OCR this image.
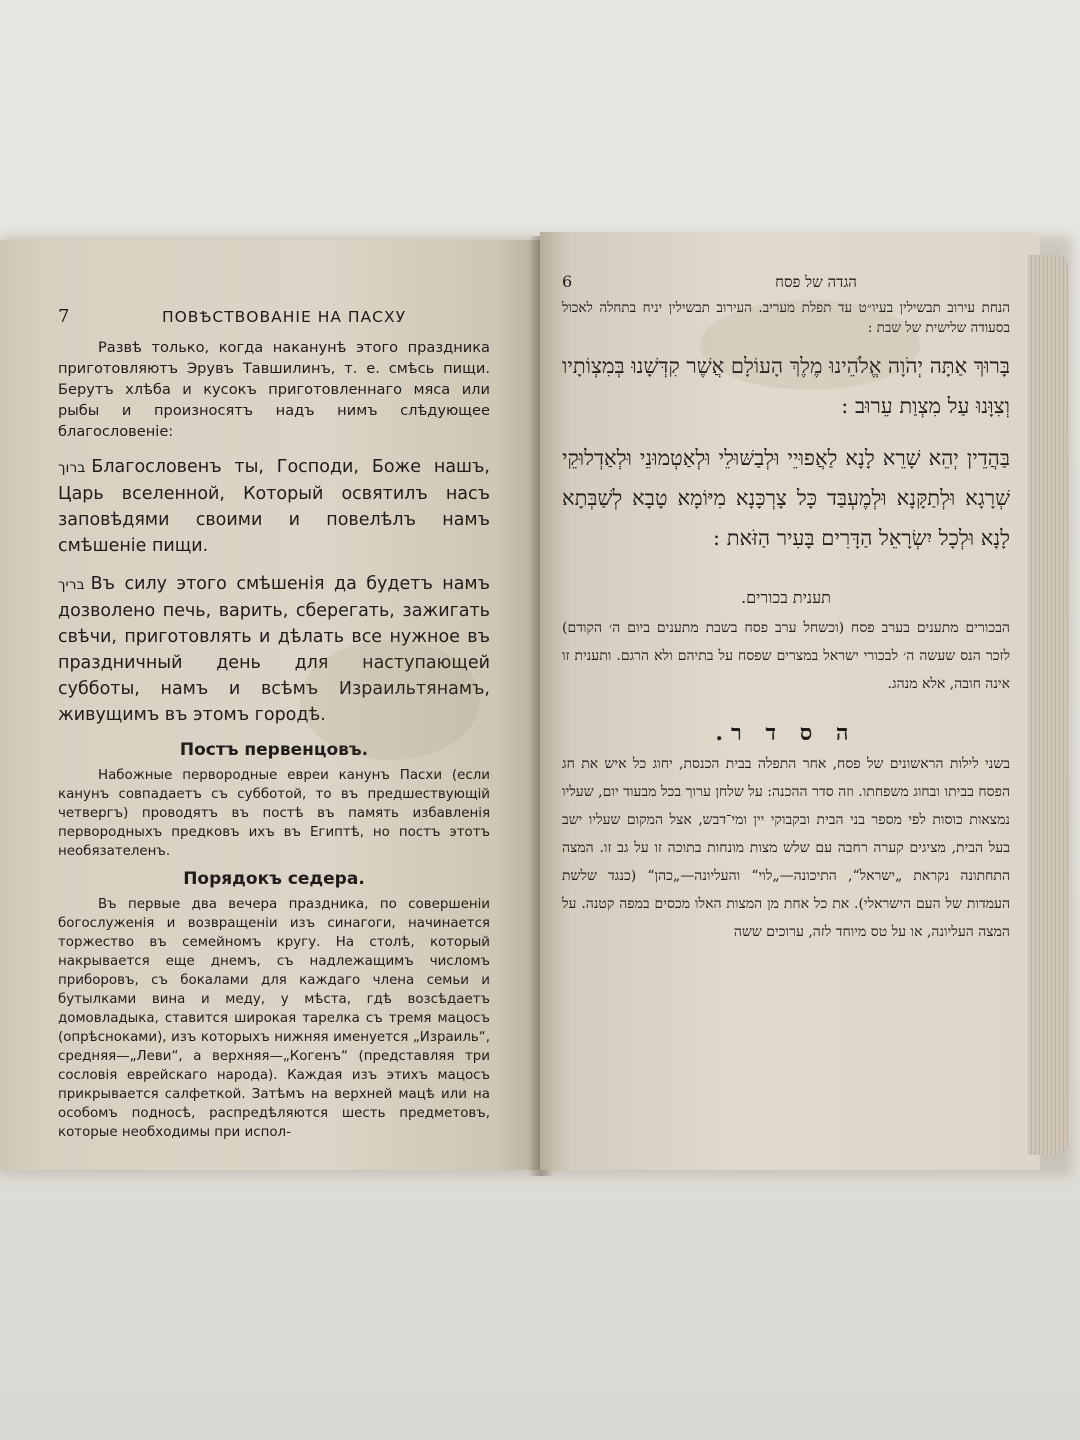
7	ПОВѢСТВОВАНІЕ НА ПАСХУ

Развѣ только, когда наканунѣ этого праздника приготовляютъ Эрувъ Тавшилинъ, т. е. смѣсь пищи. Берутъ хлѣба и кусокъ приготовленнаго мяса или рыбы и произносятъ надъ нимъ слѣдующее благословеніе:

ברוך Благословенъ ты, Господи, Боже нашъ, Царь вселенной, Который освятилъ насъ заповѣдями своими и повелѣлъ намъ смѣшеніе пищи.

בריך Въ силу этого смѣшенія да будетъ намъ дозволено печь, варить, сберегать, зажигать свѣчи, приготовлять и дѣлать все нужное въ праздничный день для наступающей субботы, намъ и всѣмъ Израильтянамъ, живущимъ въ этомъ городѣ.

Постъ первенцовъ.

Набожные первородные евреи канунъ Пасхи (если канунъ совпадаетъ съ субботой, то въ предшествующій четвергъ) проводятъ въ постѣ въ память избавленія первородныхъ предковъ ихъ въ Египтѣ, но постъ этотъ необязателенъ.

Порядокъ седера.

Въ первые два вечера праздника, по совершеніи богослуженія и возвращеніи изъ синагоги, начинается торжество въ семейномъ кругу. На столѣ, который накрывается еще днемъ, съ надлежащимъ числомъ приборовъ, съ бокалами для каждаго члена семьи и бутылками вина и меду, у мѣста, гдѣ возсѣдаетъ домовладыка, ставится широкая тарелка съ тремя мацосъ (опрѣсноками), изъ которыхъ нижняя именуется „Израиль“, средняя—„Леви“, а верхняя—„Когенъ“ (представляя три сословія еврейскаго народа). Каждая изъ этихъ мацосъ прикрывается салфеткой. Затѣмъ на верхней мацѣ или на особомъ подносѣ, распредѣляются шесть предметовъ, которые необходимы при испол-

6	הגדה של פסח

הנחת עירוב תבשילין בעיו״ט עד תפלת מעריב. העירוב תבשילין יניח בתחלה לאכול בסעודה שלישית של שבת :

בָּרוּךְ אַתָּה יְהֹוָה אֱלֹהֵינוּ מֶלֶךְ הָעוֹלָם אֲשֶׁר קִדְּשָׁנוּ בְּמִצְוֹתָיו וְצִוָּנוּ עַל מִצְוַת עֵרוּב :

בַּהֲדֵין יְהֵא שָׁרֵא לָנָא לַאֲפוּיֵי וּלְבַשּׁוּלֵי וּלְאַטְמוּנֵי וּלְאַדְלוּקֵי שְׁרָגָא וּלְתַקָּנָא וּלְמֶעְבַּד כָּל צָרְכָּנָא מִיּוֹמָא טָבָא לְשַׁבְּתָא לָנָא וּלְכָל יִשְׂרָאֵל הַדָּרִים בָּעִיר הַזֹּאת :

תענית בכורים.

הבכורים מתענים בערב פסח (וכשחל ערב פסח בשבת מתענים ביום ה׳ הקודם) לזכר הנס שעשה ה׳ לבכורי ישראל במצרים שפסח על בתיהם ולא הרגם. ותענית זו אינה חובה, אלא מנהג.

ה ס ד ר.

בשני לילות הראשונים של פסח, אחר התפלה בבית הכנסת, יחוג כל איש את חג הפסח בביתו ובחוג משפחתו. וזה סדר ההכנה: על שלחן ערוך בכל מבעוד יום, שעליו נמצאות כוסות לפי מספר בני הבית ובקבוקי יין ומי־דבש, אצל המקום שעליו ישב בעל הבית, מציגים קערה רחבה עם שלש מצות מונחות בתוכה זו על גב זו. המצה התחתונה נקראת „ישראל“, התיכונה—„לוי“ והעליונה—„כהן“ (כנגד שלשת העמדות של העם הישראלי). את כל אחת מן המצות האלו מכסים במפה קטנה. על המצה העליונה, או על טס מיוחד לזה, ערוכים ששה
